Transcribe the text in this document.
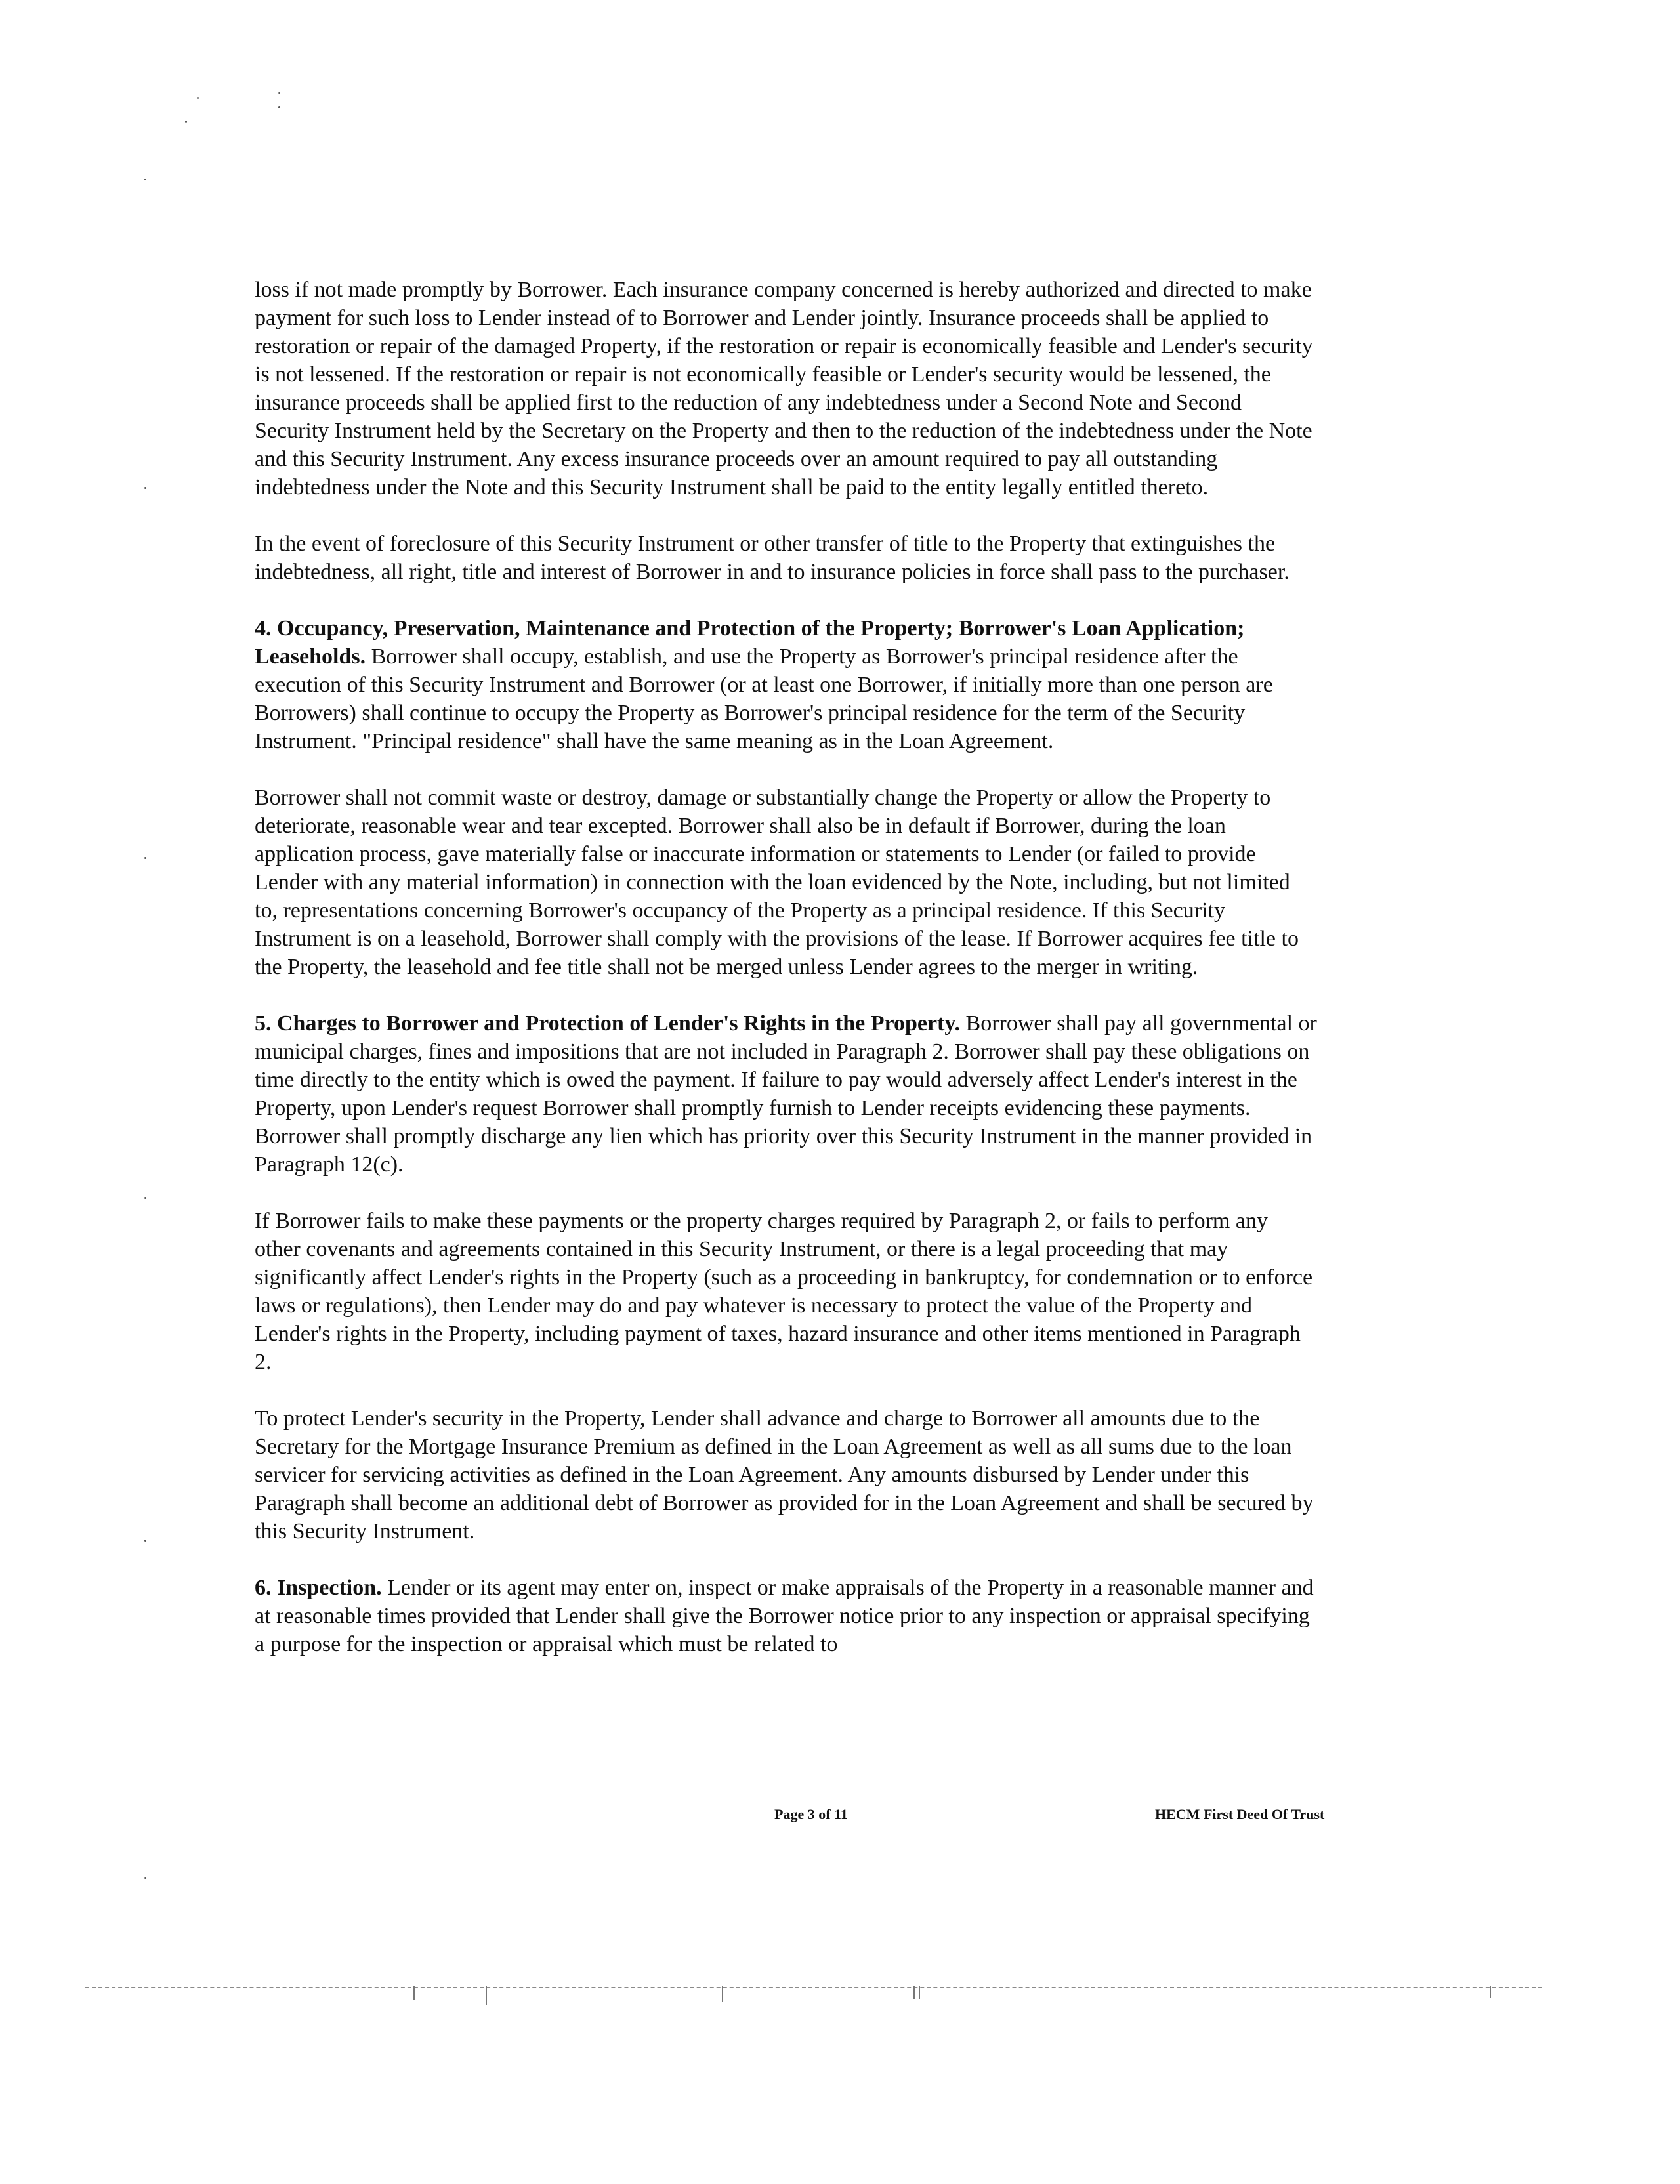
loss if not made promptly by Borrower. Each insurance company concerned is hereby authorized and directed to make payment for such loss to Lender instead of to Borrower and Lender jointly. Insurance proceeds shall be applied to restoration or repair of the damaged Property, if the restoration or repair is economically feasible and Lender's security is not lessened. If the restoration or repair is not economically feasible or Lender's security would be lessened, the insurance proceeds shall be applied first to the reduction of any indebtedness under a Second Note and Second Security Instrument held by the Secretary on the Property and then to the reduction of the indebtedness under the Note and this Security Instrument. Any excess insurance proceeds over an amount required to pay all outstanding indebtedness under the Note and this Security Instrument shall be paid to the entity legally entitled thereto.

In the event of foreclosure of this Security Instrument or other transfer of title to the Property that extinguishes the indebtedness, all right, title and interest of Borrower in and to insurance policies in force shall pass to the purchaser.

4. Occupancy, Preservation, Maintenance and Protection of the Property; Borrower's Loan Application; Leaseholds. Borrower shall occupy, establish, and use the Property as Borrower's principal residence after the execution of this Security Instrument and Borrower (or at least one Borrower, if initially more than one person are Borrowers) shall continue to occupy the Property as Borrower's principal residence for the term of the Security Instrument. "Principal residence" shall have the same meaning as in the Loan Agreement.

Borrower shall not commit waste or destroy, damage or substantially change the Property or allow the Property to deteriorate, reasonable wear and tear excepted. Borrower shall also be in default if Borrower, during the loan application process, gave materially false or inaccurate information or statements to Lender (or failed to provide Lender with any material information) in connection with the loan evidenced by the Note, including, but not limited to, representations concerning Borrower's occupancy of the Property as a principal residence. If this Security Instrument is on a leasehold, Borrower shall comply with the provisions of the lease. If Borrower acquires fee title to the Property, the leasehold and fee title shall not be merged unless Lender agrees to the merger in writing.

5. Charges to Borrower and Protection of Lender's Rights in the Property. Borrower shall pay all governmental or municipal charges, fines and impositions that are not included in Paragraph 2. Borrower shall pay these obligations on time directly to the entity which is owed the payment. If failure to pay would adversely affect Lender's interest in the Property, upon Lender's request Borrower shall promptly furnish to Lender receipts evidencing these payments. Borrower shall promptly discharge any lien which has priority over this Security Instrument in the manner provided in Paragraph 12(c).

If Borrower fails to make these payments or the property charges required by Paragraph 2, or fails to perform any other covenants and agreements contained in this Security Instrument, or there is a legal proceeding that may significantly affect Lender's rights in the Property (such as a proceeding in bankruptcy, for condemnation or to enforce laws or regulations), then Lender may do and pay whatever is necessary to protect the value of the Property and Lender's rights in the Property, including payment of taxes, hazard insurance and other items mentioned in Paragraph 2.

To protect Lender's security in the Property, Lender shall advance and charge to Borrower all amounts due to the Secretary for the Mortgage Insurance Premium as defined in the Loan Agreement as well as all sums due to the loan servicer for servicing activities as defined in the Loan Agreement. Any amounts disbursed by Lender under this Paragraph shall become an additional debt of Borrower as provided for in the Loan Agreement and shall be secured by this Security Instrument.

6. Inspection. Lender or its agent may enter on, inspect or make appraisals of the Property in a reasonable manner and at reasonable times provided that Lender shall give the Borrower notice prior to any inspection or appraisal specifying a purpose for the inspection or appraisal which must be related to

Page 3 of 11	HECM First Deed Of Trust
